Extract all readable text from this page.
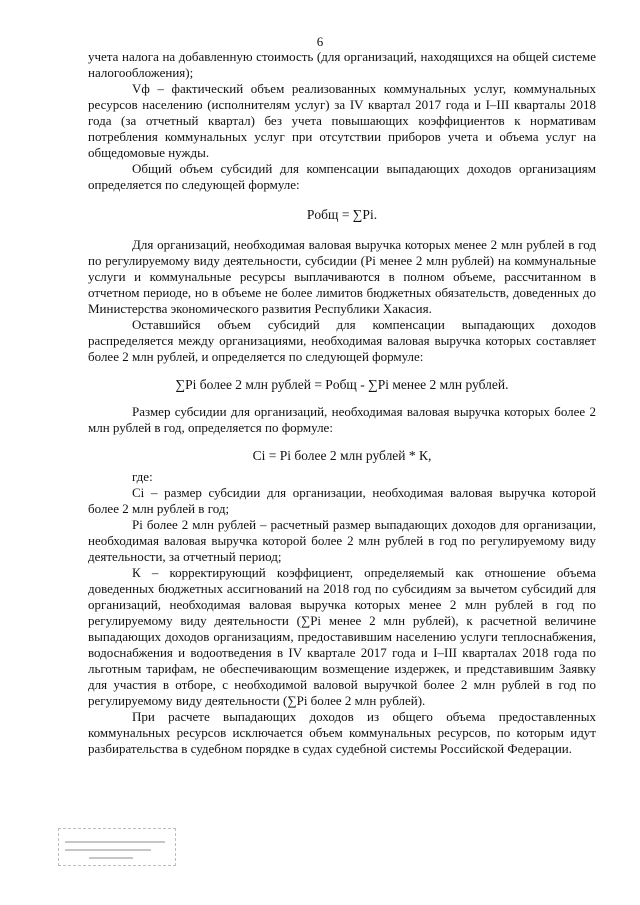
6

учета налога на добавленную стоимость (для организаций, находящихся на общей системе налогообложения);

Vф – фактический объем реализованных коммунальных услуг, коммунальных ресурсов населению (исполнителям услуг) за IV квартал 2017 года и I–III кварталы 2018 года (за отчетный квартал) без учета повышающих коэффициентов к нормативам потребления коммунальных услуг при отсутствии приборов учета и объема услуг на общедомовые нужды.

Общий объем субсидий для компенсации выпадающих доходов организациям определяется по следующей формуле:

Pобщ = ∑Pi.

Для организаций, необходимая валовая выручка которых менее 2 млн рублей в год по регулируемому виду деятельности, субсидии (Pi менее 2 млн рублей) на коммунальные услуги и коммунальные ресурсы выплачиваются в полном объеме, рассчитанном в отчетном периоде, но в объеме не более лимитов бюджетных обязательств, доведенных до Министерства экономического развития Республики Хакасия.

Оставшийся объем субсидий для компенсации выпадающих доходов распределяется между организациями, необходимая валовая выручка которых составляет более 2 млн рублей, и определяется по следующей формуле:

∑Pi более 2 млн рублей = Pобщ - ∑Pi менее 2 млн рублей.

Размер субсидии для организаций, необходимая валовая выручка которых более 2 млн рублей в год, определяется по формуле:

Ci = Pi более 2 млн рублей * К,

где:

Ci – размер субсидии для организации, необходимая валовая выручка которой более 2 млн рублей в год;

Pi более 2 млн рублей – расчетный размер выпадающих доходов для организации, необходимая валовая выручка которой более 2 млн рублей в год по регулируемому виду деятельности, за отчетный период;

К – корректирующий коэффициент, определяемый как отношение объема доведенных бюджетных ассигнований на 2018 год по субсидиям за вычетом субсидий для организаций, необходимая валовая выручка которых менее 2 млн рублей в год по регулируемому виду деятельности (∑Pi менее 2 млн рублей), к расчетной величине выпадающих доходов организациям, предоставившим населению услуги теплоснабжения, водоснабжения и водоотведения в IV квартале 2017 года и I–III кварталах 2018 года по льготным тарифам, не обеспечивающим возмещение издержек, и представившим Заявку для участия в отборе, с необходимой валовой выручкой более 2 млн рублей в год по регулируемому виду деятельности (∑Pi более 2 млн рублей).

При расчете выпадающих доходов из общего объема предоставленных коммунальных ресурсов исключается объем коммунальных ресурсов, по которым идут разбирательства в судебном порядке в судах судебной системы Российской Федерации.
